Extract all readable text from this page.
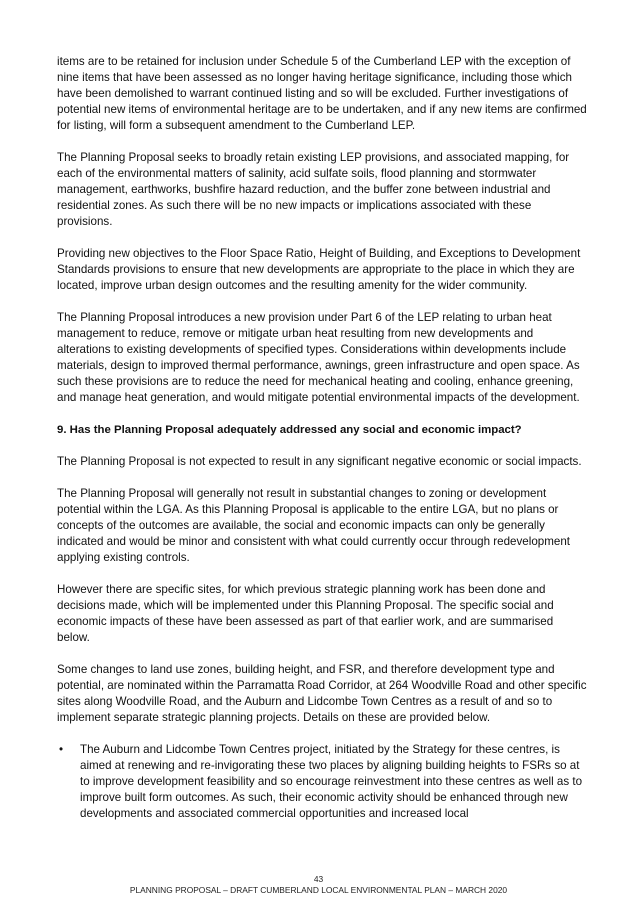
items are to be retained for inclusion under Schedule 5 of the Cumberland LEP with the exception of nine items that have been assessed as no longer having heritage significance, including those which have been demolished to warrant continued listing and so will be excluded. Further investigations of potential new items of environmental heritage are to be undertaken, and if any new items are confirmed for listing, will form a subsequent amendment to the Cumberland LEP.

The Planning Proposal seeks to broadly retain existing LEP provisions, and associated mapping, for each of the environmental matters of salinity, acid sulfate soils, flood planning and stormwater management, earthworks, bushfire hazard reduction, and the buffer zone between industrial and residential zones. As such there will be no new impacts or implications associated with these provisions.

Providing new objectives to the Floor Space Ratio, Height of Building, and Exceptions to Development Standards provisions to ensure that new developments are appropriate to the place in which they are located, improve urban design outcomes and the resulting amenity for the wider community.

The Planning Proposal introduces a new provision under Part 6 of the LEP relating to urban heat management to reduce, remove or mitigate urban heat resulting from new developments and alterations to existing developments of specified types. Considerations within developments include materials, design to improved thermal performance, awnings, green infrastructure and open space. As such these provisions are to reduce the need for mechanical heating and cooling, enhance greening, and manage heat generation, and would mitigate potential environmental impacts of the development.

9. Has the Planning Proposal adequately addressed any social and economic impact?

The Planning Proposal is not expected to result in any significant negative economic or social impacts.

The Planning Proposal will generally not result in substantial changes to zoning or development potential within the LGA. As this Planning Proposal is applicable to the entire LGA, but no plans or concepts of the outcomes are available, the social and economic impacts can only be generally indicated and would be minor and consistent with what could currently occur through redevelopment applying existing controls.

However there are specific sites, for which previous strategic planning work has been done and decisions made, which will be implemented under this Planning Proposal. The specific social and economic impacts of these have been assessed as part of that earlier work, and are summarised below.

Some changes to land use zones, building height, and FSR, and therefore development type and potential, are nominated within the Parramatta Road Corridor, at 264 Woodville Road and other specific sites along Woodville Road, and the Auburn and Lidcombe Town Centres as a result of and so to implement separate strategic planning projects. Details on these are provided below.

• The Auburn and Lidcombe Town Centres project, initiated by the Strategy for these centres, is aimed at renewing and re-invigorating these two places by aligning building heights to FSRs so at to improve development feasibility and so encourage reinvestment into these centres as well as to improve built form outcomes. As such, their economic activity should be enhanced through new developments and associated commercial opportunities and increased local
43
PLANNING PROPOSAL – DRAFT CUMBERLAND LOCAL ENVIRONMENTAL PLAN – MARCH 2020
